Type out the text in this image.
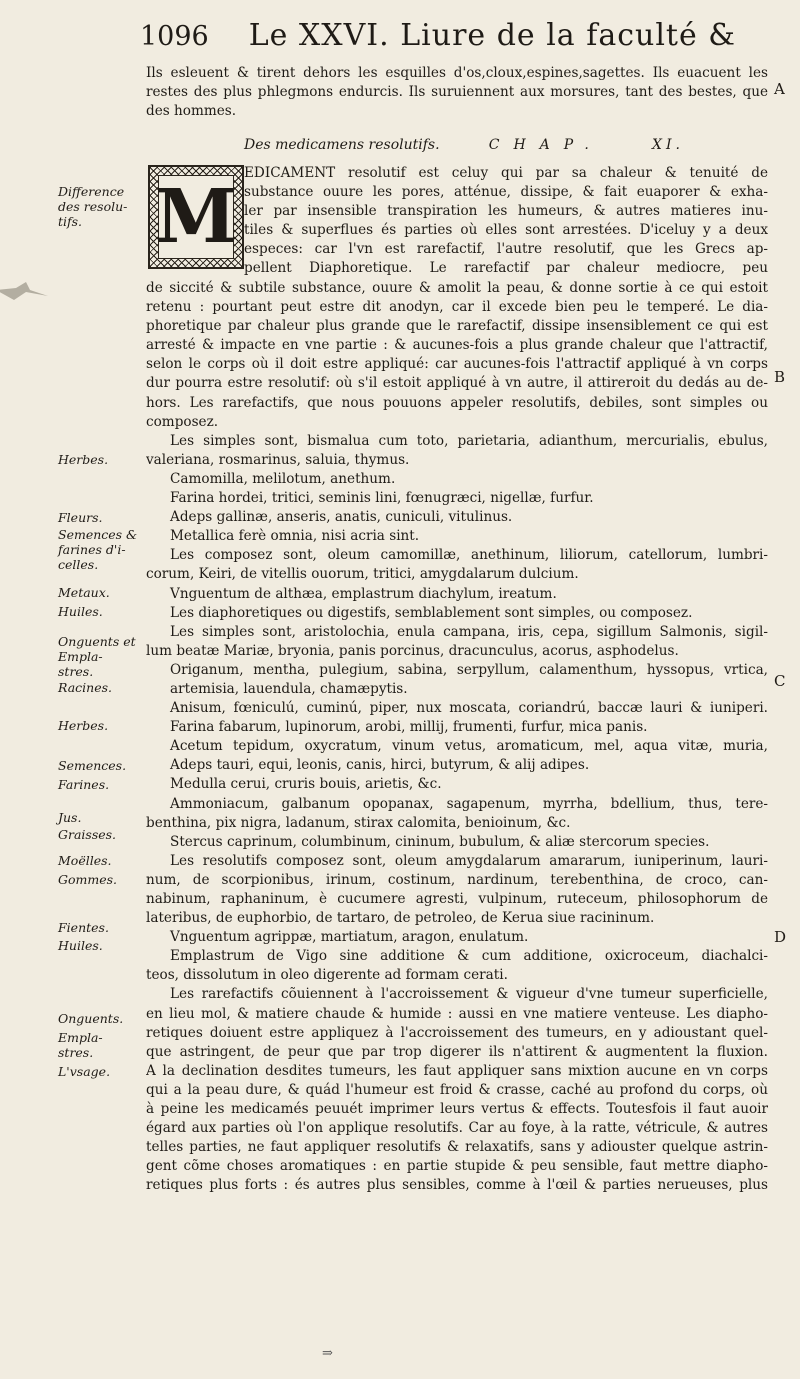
1096 Le XXVI. Liure de la faculté &
Ils esleuent & tirent dehors les esquilles d'os,cloux,espines,sagettes. Ils euacuent les
restes des plus phlegmons endurcis. Ils suruiennent aux morsures, tant des bestes, que
des hommes.
Des medicamens resolutifs.	CHAP.	XI.
M
EDICAMENT resolutif est celuy qui par sa chaleur & tenuité de
substance ouure les pores, atténue, dissipe, & fait euaporer & exha-
ler par insensible transpiration les humeurs, & autres matieres inu-
tiles & superflues és parties où elles sont arrestées. D'iceluy y a deux
especes: car l'vn est rarefactif, l'autre resolutif, que les Grecs ap-
pellent Diaphoretique. Le rarefactif par chaleur mediocre, peu
de siccité & subtile substance, ouure & amolit la peau, & donne sortie à ce qui estoit
retenu : pourtant peut estre dit anodyn, car il excede bien peu le temperé. Le dia-
phoretique par chaleur plus grande que le rarefactif, dissipe insensiblement ce qui est
arresté & impacte en vne partie : & aucunes-fois a plus grande chaleur que l'attractif,
selon le corps où il doit estre appliqué: car aucunes-fois l'attractif appliqué à vn corps
dur pourra estre resolutif: où s'il estoit appliqué à vn autre, il attireroit du dedás au de-
hors. Les rarefactifs, que nous pouuons appeler resolutifs, debiles, sont simples ou
composez.
Les simples sont, bismalua cum toto, parietaria, adianthum, mercurialis, ebulus,
valeriana, rosmarinus, saluia, thymus.
Camomilla, melilotum, anethum.
Farina hordei, tritici, seminis lini, fœnugræci, nigellæ, furfur.
Adeps gallinæ, anseris, anatis, cuniculi, vitulinus.
Metallica ferè omnia, nisi acria sint.
Les composez sont, oleum camomillæ, anethinum, liliorum, catellorum, lumbri-
corum, Keiri, de vitellis ouorum, tritici, amygdalarum dulcium.
Vnguentum de althæa, emplastrum diachylum, ireatum.
Les diaphoretiques ou digestifs, semblablement sont simples, ou composez.
Les simples sont, aristolochia, enula campana, iris, cepa, sigillum Salmonis, sigil-
lum beatæ Mariæ, bryonia, panis porcinus, dracunculus, acorus, asphodelus.
Origanum, mentha, pulegium, sabina, serpyllum, calamenthum, hyssopus, vrtica,
artemisia, lauendula, chamæpytis.
Anisum, fœniculú, cuminú, piper, nux moscata, coriandrú, baccæ lauri & iuniperi.
Farina fabarum, lupinorum, arobi, millij, frumenti, furfur, mica panis.
Acetum tepidum, oxycratum, vinum vetus, aromaticum, mel, aqua vitæ, muria,
Adeps tauri, equi, leonis, canis, hirci, butyrum, & alij adipes.
Medulla cerui, cruris bouis, arietis, &c.
Ammoniacum, galbanum opopanax, sagapenum, myrrha, bdellium, thus, tere-
benthina, pix nigra, ladanum, stirax calomita, benioinum, &c.
Stercus caprinum, columbinum, cininum, bubulum, & aliæ stercorum species.
Les resolutifs composez sont, oleum amygdalarum amararum, iuniperinum, lauri-
num, de scorpionibus, irinum, costinum, nardinum, terebenthina, de croco, can-
nabinum, raphaninum, è cucumere agresti, vulpinum, ruteceum, philosophorum de
lateribus, de euphorbio, de tartaro, de petroleo, de Kerua siue racininum.
Vnguentum agrippæ, martiatum, aragon, enulatum.
Emplastrum de Vigo sine additione & cum additione, oxicroceum, diachalci-
teos, dissolutum in oleo digerente ad formam cerati.
Les rarefactifs cõuiennent à l'accroissement & vigueur d'vne tumeur superficielle,
en lieu mol, & matiere chaude & humide : aussi en vne matiere venteuse. Les diapho-
retiques doiuent estre appliquez à l'accroissement des tumeurs, en y adioustant quel-
que astringent, de peur que par trop digerer ils n'attirent & augmentent la fluxion.
A la declination desdites tumeurs, les faut appliquer sans mixtion aucune en vn corps
qui a la peau dure, & quád l'humeur est froid & crasse, caché au profond du corps, où
à peine les medicamés peuuét imprimer leurs vertus & effects. Toutesfois il faut auoir
égard aux parties où l'on applique resolutifs. Car au foye, à la ratte, vétricule, & autres
telles parties, ne faut appliquer resolutifs & relaxatifs, sans y adiouster quelque astrin-
gent cõme choses aromatiques : en partie stupide & peu sensible, faut mettre diapho-
retiques plus forts : és autres plus sensibles, comme à l'œil & parties nerueuses, plus
Difference
des resolu-
tifs.
Herbes.
Fleurs.
Semences &
farines d'i-
celles.
Metaux.
Huiles.
Onguents et
Empla-
stres.
Racines.
Herbes.
Semences.
Farines.
Jus.
Graisses.
Moëlles.
Gommes.
Fientes.
Huiles.
Onguents.
Empla-
stres.
L'vsage.
A
B
C
D
⇒
